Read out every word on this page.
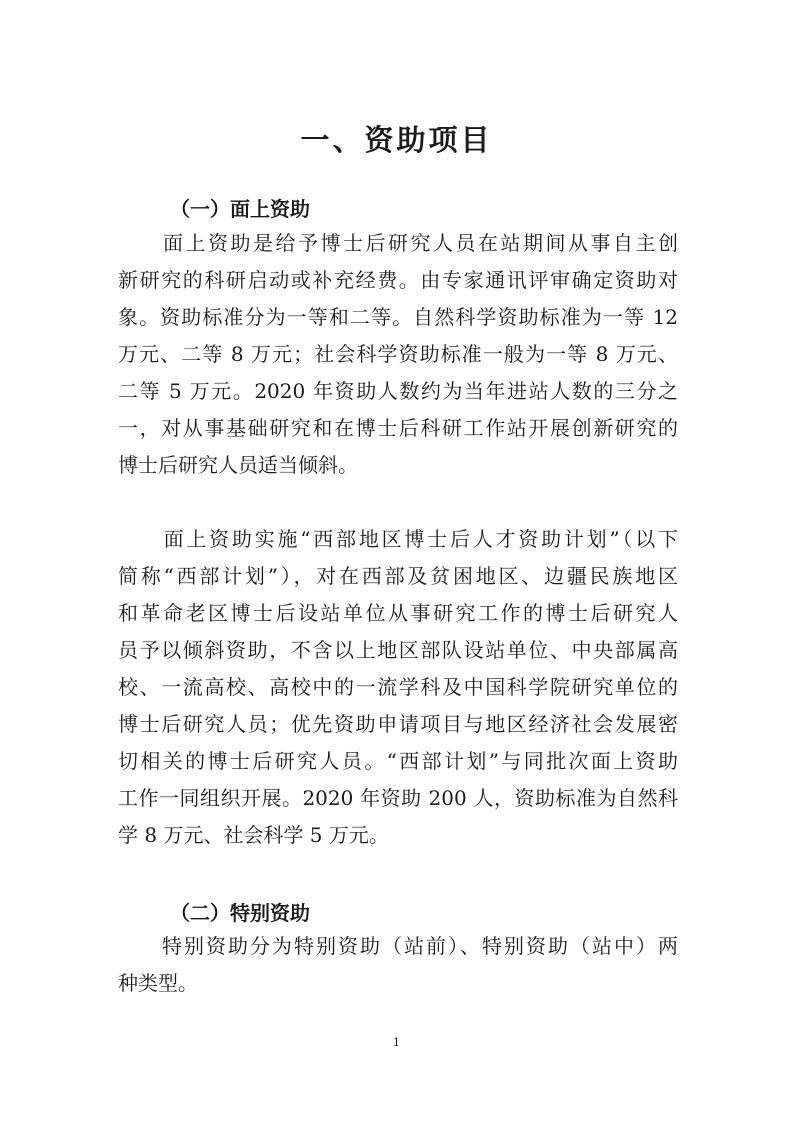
一、资助项目
（一）面上资助
　　面上资助是给予博士后研究人员在站期间从事自主创
新研究的科研启动或补充经费。由专家通讯评审确定资助对
象。资助标准分为一等和二等。自然科学资助标准为一等 12
万元、二等 8 万元；社会科学资助标准一般为一等 8 万元、
二等 5 万元。2020 年资助人数约为当年进站人数的三分之
一，对从事基础研究和在博士后科研工作站开展创新研究的
博士后研究人员适当倾斜。
　　面上资助实施“西部地区博士后人才资助计划”（以下
简称“西部计划”），对在西部及贫困地区、边疆民族地区
和革命老区博士后设站单位从事研究工作的博士后研究人
员予以倾斜资助，不含以上地区部队设站单位、中央部属高
校、一流高校、高校中的一流学科及中国科学院研究单位的
博士后研究人员；优先资助申请项目与地区经济社会发展密
切相关的博士后研究人员。“西部计划”与同批次面上资助
工作一同组织开展。2020 年资助 200 人，资助标准为自然科
学 8 万元、社会科学 5 万元。
（二）特别资助
　　特别资助分为特别资助（站前）、特别资助（站中）两
种类型。

1
